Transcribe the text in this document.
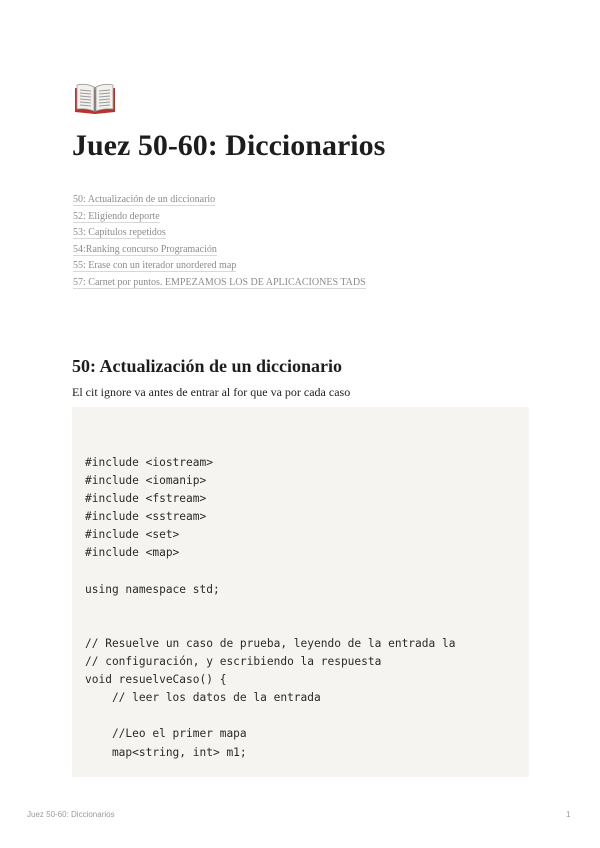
Juez 50-60: Diccionarios
50: Actualización de un diccionario
52: Eligiendo deporte
53: Capítulos repetidos
54:Ranking concurso Programación
55: Erase con un iterador unordered map
57: Carnet por puntos. EMPEZAMOS LOS DE APLICACIONES TADS
50: Actualización de un diccionario

El cit ignore va antes de entrar al for que va por cada caso

#include <iostream>
#include <iomanip>
#include <fstream>
#include <sstream>
#include <set>
#include <map>

using namespace std;

// Resuelve un caso de prueba, leyendo de la entrada la
// configuración, y escribiendo la respuesta
void resuelveCaso() {
// leer los datos de la entrada

//Leo el primer mapa
map<string, int> m1;
Juez 50-60: Diccionarios	1
